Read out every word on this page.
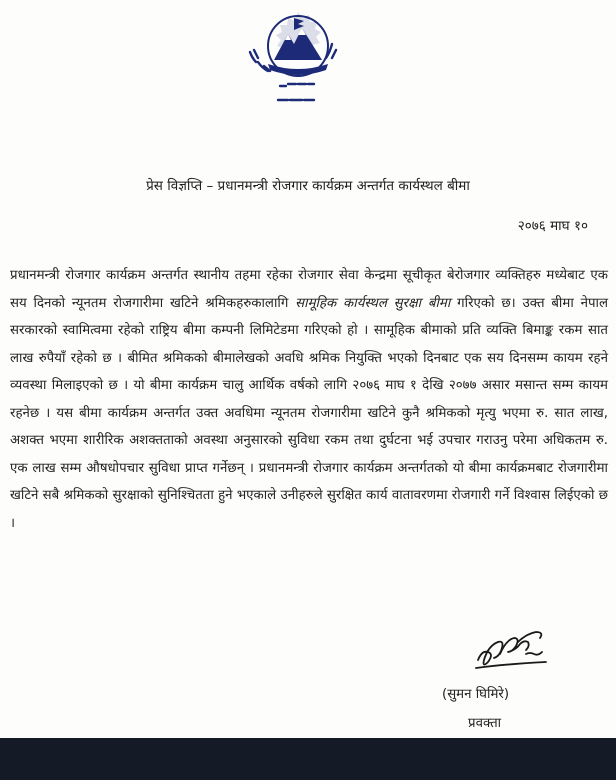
प्रेस विज्ञप्ति – प्रधानमन्त्री रोजगार कार्यक्रम अन्तर्गत कार्यस्थल बीमा
२०७६ माघ १०
प्रधानमन्त्री रोजगार कार्यक्रम अन्तर्गत स्थानीय तहमा रहेका रोजगार सेवा केन्द्रमा सूचीकृत बेरोजगार व्यक्तिहरु मध्येबाट एक सय दिनको न्यूनतम रोजगारीमा खटिने श्रमिकहरुकालागि सामूहिक कार्यस्थल सुरक्षा बीमा गरिएको छ। उक्त बीमा नेपाल सरकारको स्वामित्वमा रहेको राष्ट्रिय बीमा कम्पनी लिमिटेडमा गरिएको हो । सामूहिक बीमाको प्रति व्यक्ति बिमाङ्क रकम सात लाख रुपैयाँ रहेको छ । बीमित श्रमिकको बीमालेखको अवधि श्रमिक नियुक्ति भएको दिनबाट एक सय दिनसम्म कायम रहने व्यवस्था मिलाइएको छ । यो बीमा कार्यक्रम चालु आर्थिक वर्षको लागि २०७६ माघ १ देखि २०७७ असार मसान्त सम्म कायम रहनेछ । यस बीमा कार्यक्रम अन्तर्गत उक्त अवधिमा न्यूनतम रोजगारीमा खटिने कुनै श्रमिकको मृत्यु भएमा रु. सात लाख, अशक्त भएमा शारीरिक अशक्तताको अवस्था अनुसारको सुविधा रकम तथा दुर्घटना भई उपचार गराउनु परेमा अधिकतम रु. एक लाख सम्म औषधोपचार सुविधा प्राप्त गर्नेछन् । प्रधानमन्त्री रोजगार कार्यक्रम अन्तर्गतको यो बीमा कार्यक्रमबाट रोजगारीमा खटिने सबै श्रमिकको सुरक्षाको सुनिश्चितता हुने भएकाले उनीहरुले सुरक्षित कार्य वातावरणमा रोजगारी गर्ने विश्वास लिईएको छ ।
(सुमन घिमिरे)
प्रवक्ता
